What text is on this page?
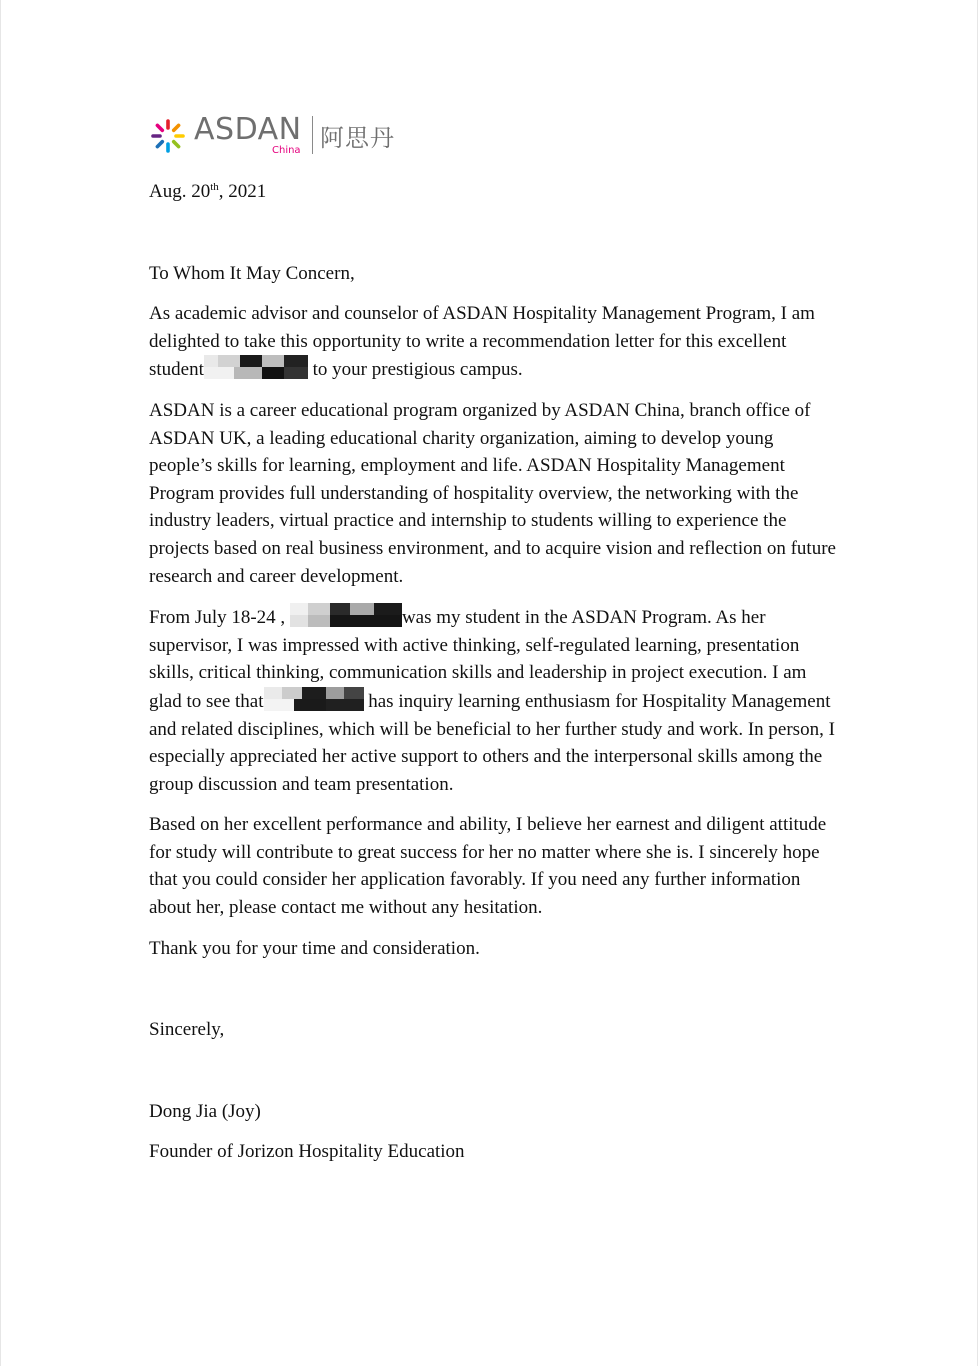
ASDAN
China 阿思丹

Aug. 20th, 2021

To Whom It May Concern,

As academic advisor and counselor of ASDAN Hospitality Management Program, I am delighted to take this opportunity to write a recommendation letter for this excellent student	to your prestigious campus.

ASDAN is a career educational program organized by ASDAN China, branch office of ASDAN UK, a leading educational charity organization, aiming to develop young people’s skills for learning, employment and life. ASDAN Hospitality Management Program provides full understanding of hospitality overview, the networking with the industry leaders, virtual practice and internship to students willing to experience the projects based on real business environment, and to acquire vision and reflection on future research and career development.

From July 18-24 ,	was my student in the ASDAN Program. As her supervisor, I was impressed with active thinking, self-regulated learning, presentation skills, critical thinking, communication skills and leadership in project execution. I am glad to see that	has inquiry learning enthusiasm for Hospitality Management and related disciplines, which will be beneficial to her further study and work. In person, I especially appreciated her active support to others and the interpersonal skills among the group discussion and team presentation.

Based on her excellent performance and ability, I believe her earnest and diligent attitude for study will contribute to great success for her no matter where she is. I sincerely hope that you could consider her application favorably. If you need any further information about her, please contact me without any hesitation.

Thank you for your time and consideration.

Sincerely,

Dong Jia (Joy)

Founder of Jorizon Hospitality Education
